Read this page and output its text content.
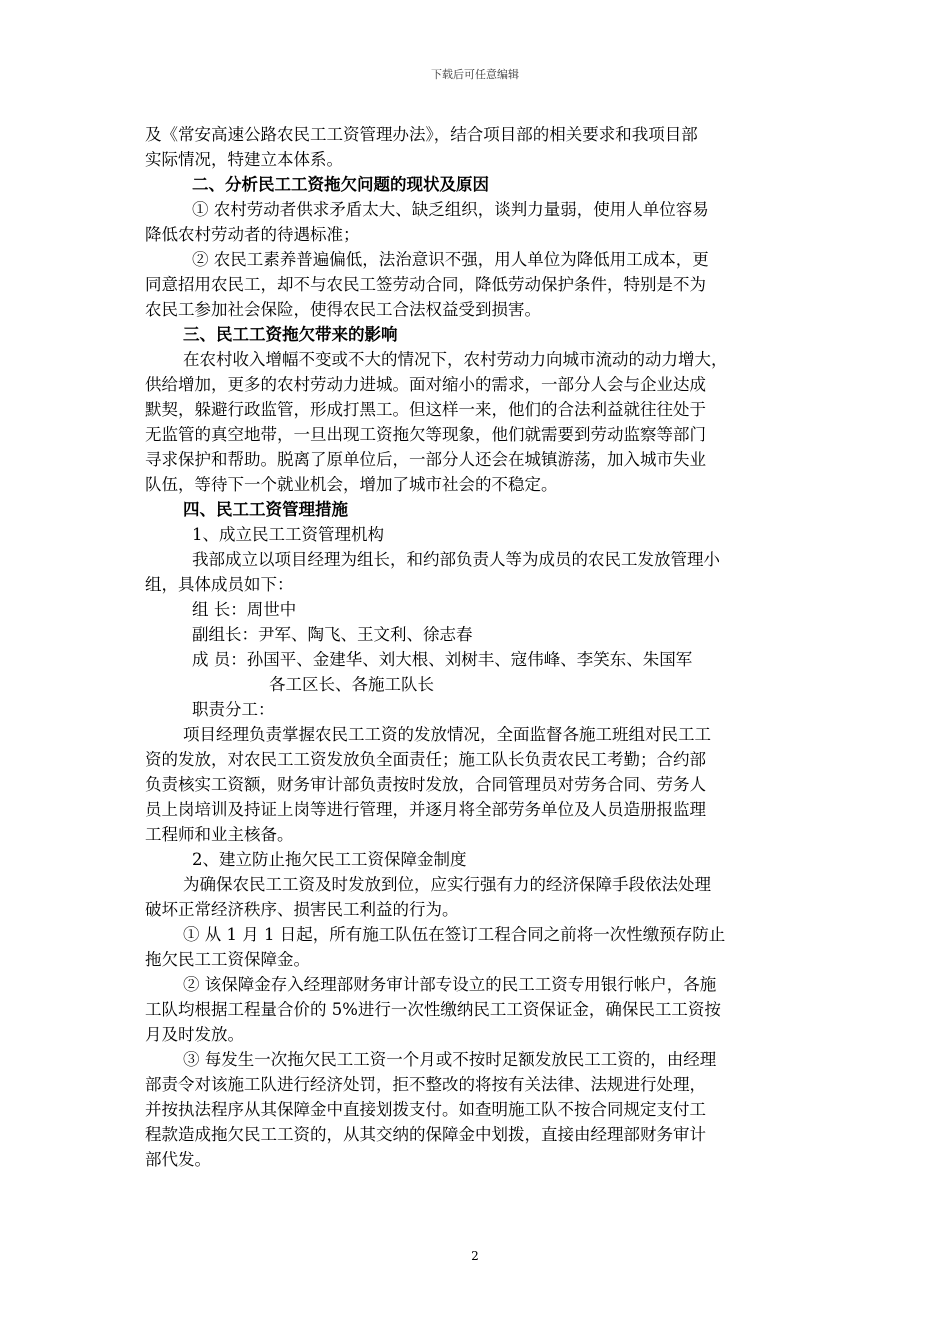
下载后可任意编辑
及《常安高速公路农民工工资管理办法》，结合项目部的相关要求和我项目部
实际情况，特建立本体系。
二、分析民工工资拖欠问题的现状及原因
① 农村劳动者供求矛盾太大、缺乏组织，谈判力量弱，使用人单位容易
降低农村劳动者的待遇标准；
② 农民工素养普遍偏低，法治意识不强，用人单位为降低用工成本，更
同意招用农民工，却不与农民工签劳动合同，降低劳动保护条件，特别是不为
农民工参加社会保险，使得农民工合法权益受到损害。
三、民工工资拖欠带来的影响
在农村收入增幅不变或不大的情况下，农村劳动力向城市流动的动力增大，
供给增加，更多的农村劳动力进城。面对缩小的需求，一部分人会与企业达成
默契，躲避行政监管，形成打黑工。但这样一来，他们的合法利益就往往处于
无监管的真空地带，一旦出现工资拖欠等现象，他们就需要到劳动监察等部门
寻求保护和帮助。脱离了原单位后，一部分人还会在城镇游荡，加入城市失业
队伍，等待下一个就业机会，增加了城市社会的不稳定。
四、民工工资管理措施
1、成立民工工资管理机构
我部成立以项目经理为组长，和约部负责人等为成员的农民工发放管理小
组，具体成员如下：
组 长：周世中
副组长：尹军、陶飞、王文利、徐志春
成 员：孙国平、金建华、刘大根、刘树丰、寇伟峰、李笑东、朱国军
各工区长、各施工队长
职责分工：
项目经理负责掌握农民工工资的发放情况，全面监督各施工班组对民工工
资的发放，对农民工工资发放负全面责任；施工队长负责农民工考勤；合约部
负责核实工资额，财务审计部负责按时发放，合同管理员对劳务合同、劳务人
员上岗培训及持证上岗等进行管理，并逐月将全部劳务单位及人员造册报监理
工程师和业主核备。
2、建立防止拖欠民工工资保障金制度
为确保农民工工资及时发放到位，应实行强有力的经济保障手段依法处理
破坏正常经济秩序、损害民工利益的行为。
① 从 1 月 1 日起，所有施工队伍在签订工程合同之前将一次性缴预存防止
拖欠民工工资保障金。
② 该保障金存入经理部财务审计部专设立的民工工资专用银行帐户，各施
工队均根据工程量合价的 5%进行一次性缴纳民工工资保证金，确保民工工资按
月及时发放。
③ 每发生一次拖欠民工工资一个月或不按时足额发放民工工资的，由经理
部责令对该施工队进行经济处罚，拒不整改的将按有关法律、法规进行处理，
并按执法程序从其保障金中直接划拨支付。如查明施工队不按合同规定支付工
程款造成拖欠民工工资的，从其交纳的保障金中划拨，直接由经理部财务审计
部代发。
2
